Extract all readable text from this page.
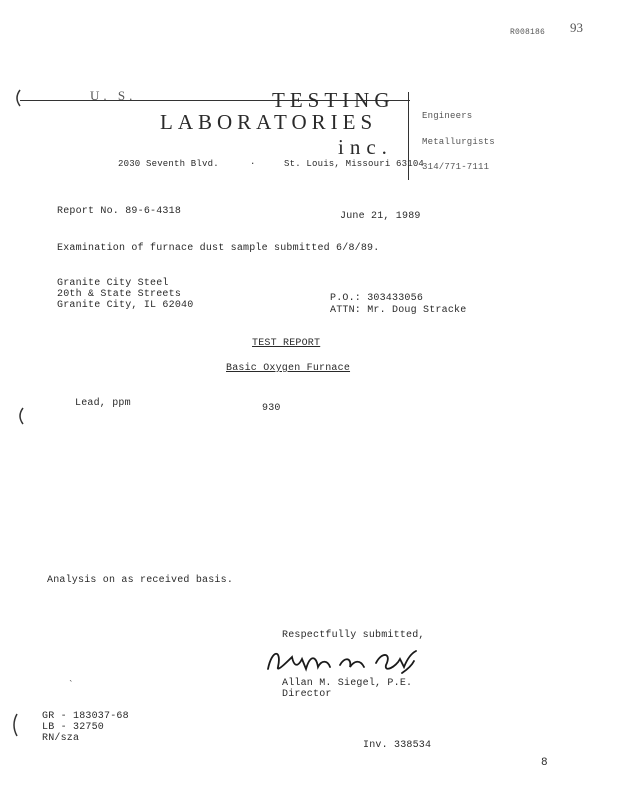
R008186 93
U. S.	TESTING
LABORATORIES
inc.
2030 Seventh Blvd.	·	St. Louis, Missouri 63104
Engineers
Metallurgists
314/771-7111
Report No. 89-6-4318	June 21, 1989
Examination of furnace dust sample submitted 6/8/89.
Granite City Steel
20th & State Streets
Granite City, IL 62040
P.O.: 303433056
ATTN: Mr. Doug Stracke
TEST REPORT
Basic Oxygen Furnace
Lead, ppm	930
Analysis on as received basis.
Respectfully submitted,
Allan M. Siegel, P.E.
Director
`
GR - 183037-68
LB - 32750
RN/sza
Inv. 338534
8
